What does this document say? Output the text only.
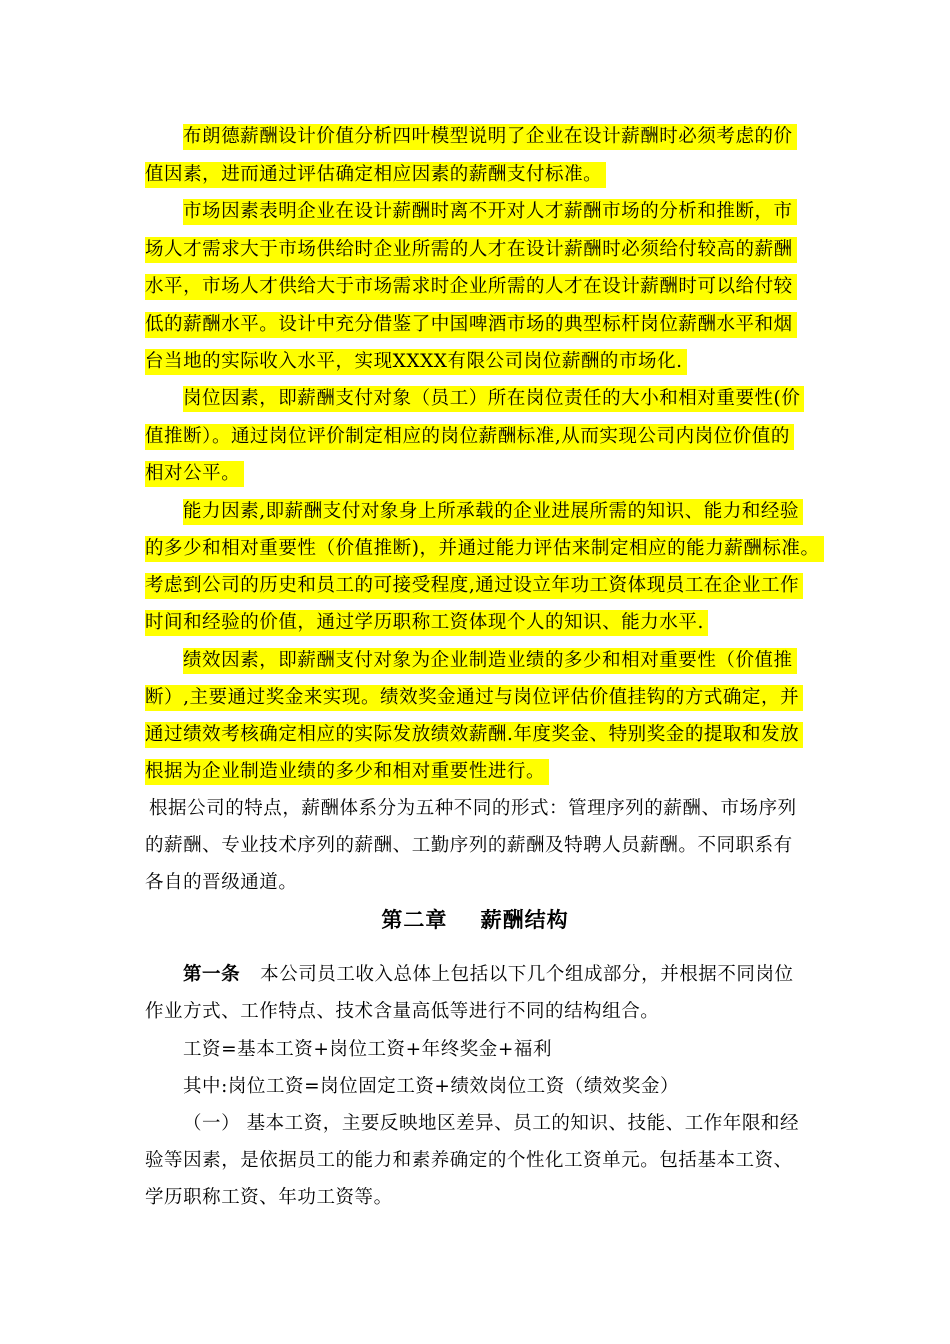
布朗德薪酬设计价值分析四叶模型说明了企业在设计薪酬时必须考虑的价
值因素，进而通过评估确定相应因素的薪酬支付标准。
市场因素表明企业在设计薪酬时离不开对人才薪酬市场的分析和推断，市
场人才需求大于市场供给时企业所需的人才在设计薪酬时必须给付较高的薪酬
水平，市场人才供给大于市场需求时企业所需的人才在设计薪酬时可以给付较
低的薪酬水平。设计中充分借鉴了中国啤酒市场的典型标杆岗位薪酬水平和烟
台当地的实际收入水平，实现XXXX有限公司岗位薪酬的市场化.
岗位因素，即薪酬支付对象（员工）所在岗位责任的大小和相对重要性(价
值推断）。通过岗位评价制定相应的岗位薪酬标准,从而实现公司内岗位价值的
相对公平。
能力因素,即薪酬支付对象身上所承载的企业进展所需的知识、能力和经验
的多少和相对重要性（价值推断)，并通过能力评估来制定相应的能力薪酬标准。
考虑到公司的历史和员工的可接受程度,通过设立年功工资体现员工在企业工作
时间和经验的价值，通过学历职称工资体现个人的知识、能力水平.
绩效因素，即薪酬支付对象为企业制造业绩的多少和相对重要性（价值推
断）,主要通过奖金来实现。绩效奖金通过与岗位评估价值挂钩的方式确定，并
通过绩效考核确定相应的实际发放绩效薪酬.年度奖金、特别奖金的提取和发放
根据为企业制造业绩的多少和相对重要性进行。
根据公司的特点，薪酬体系分为五种不同的形式：管理序列的薪酬、市场序列
的薪酬、专业技术序列的薪酬、工勤序列的薪酬及特聘人员薪酬。不同职系有
各自的晋级通道。
第二章    薪酬结构
第一条 本公司员工收入总体上包括以下几个组成部分，并根据不同岗位
作业方式、工作特点、技术含量高低等进行不同的结构组合。
工资=基本工资+岗位工资+年终奖金+福利
其中:岗位工资=岗位固定工资+绩效岗位工资（绩效奖金）
（一） 基本工资，主要反映地区差异、员工的知识、技能、工作年限和经
验等因素，是依据员工的能力和素养确定的个性化工资单元。包括基本工资、
学历职称工资、年功工资等。
